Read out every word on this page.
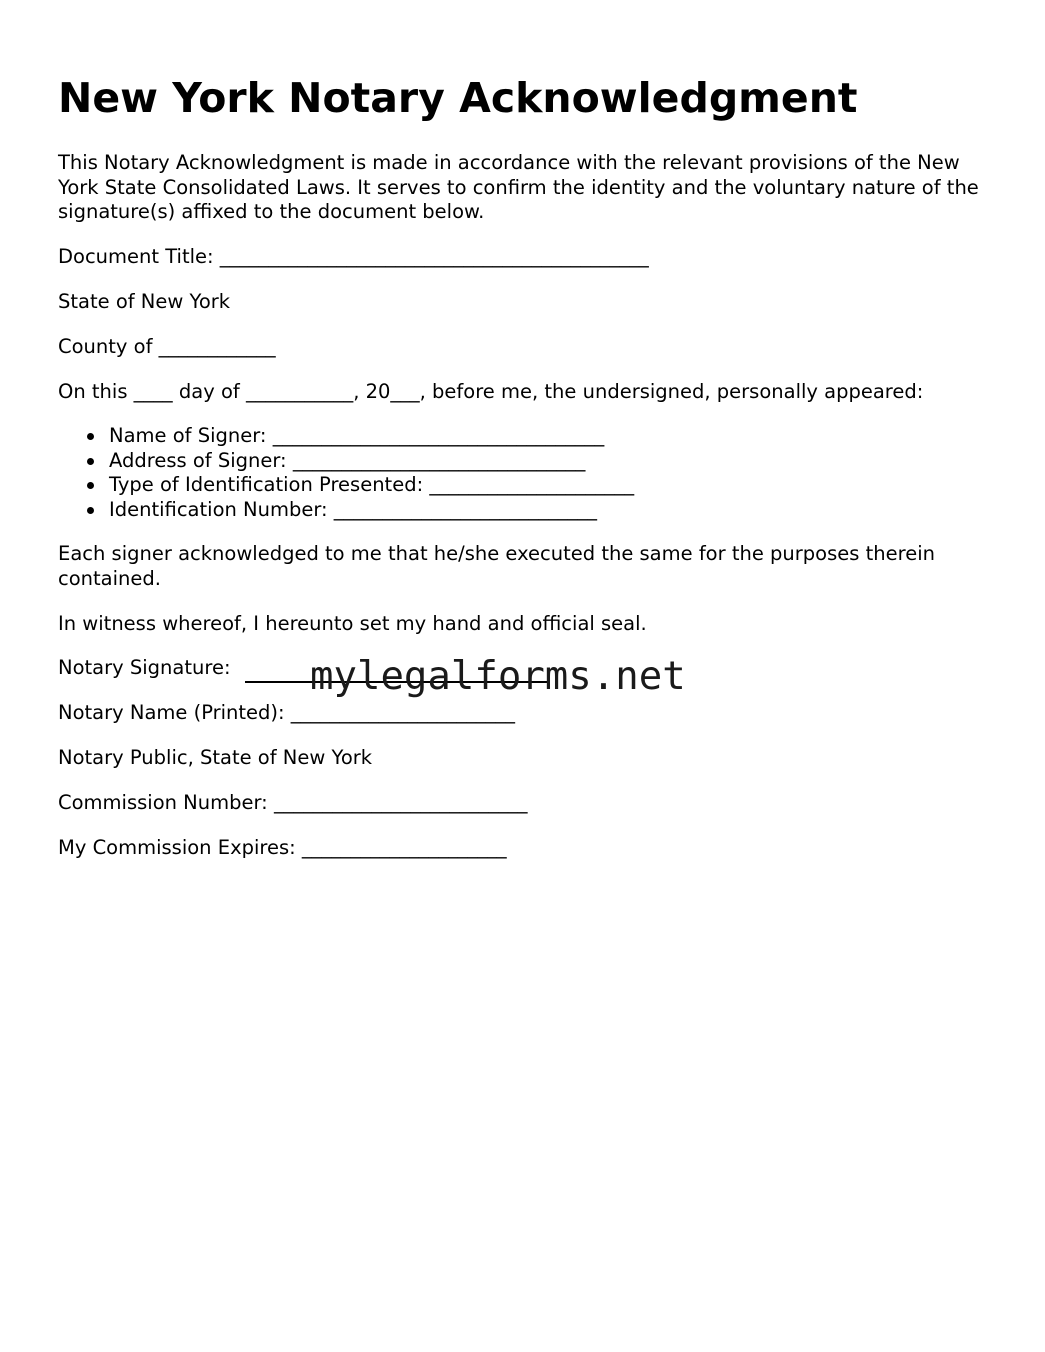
New York Notary Acknowledgment

This Notary Acknowledgment is made in accordance with the relevant provisions of the New York State Consolidated Laws. It serves to confirm the identity and the voluntary nature of the signature(s) affixed to the document below.

Document Title: ____________________________________________
State of New York
County of ____________
On this ____ day of ___________, 20___, before me, the undersigned, personally appeared:
Name of Signer: __________________________________
Address of Signer: ______________________________
Type of Identification Presented: _____________________
Identification Number: ___________________________

Each signer acknowledged to me that he/she executed the same for the purposes therein contained.

In witness whereof, I hereunto set my hand and official seal.
Notary Signature:
Notary Name (Printed): _______________________
Notary Public, State of New York
Commission Number: __________________________
My Commission Expires: _____________________
mylegalforms.net
